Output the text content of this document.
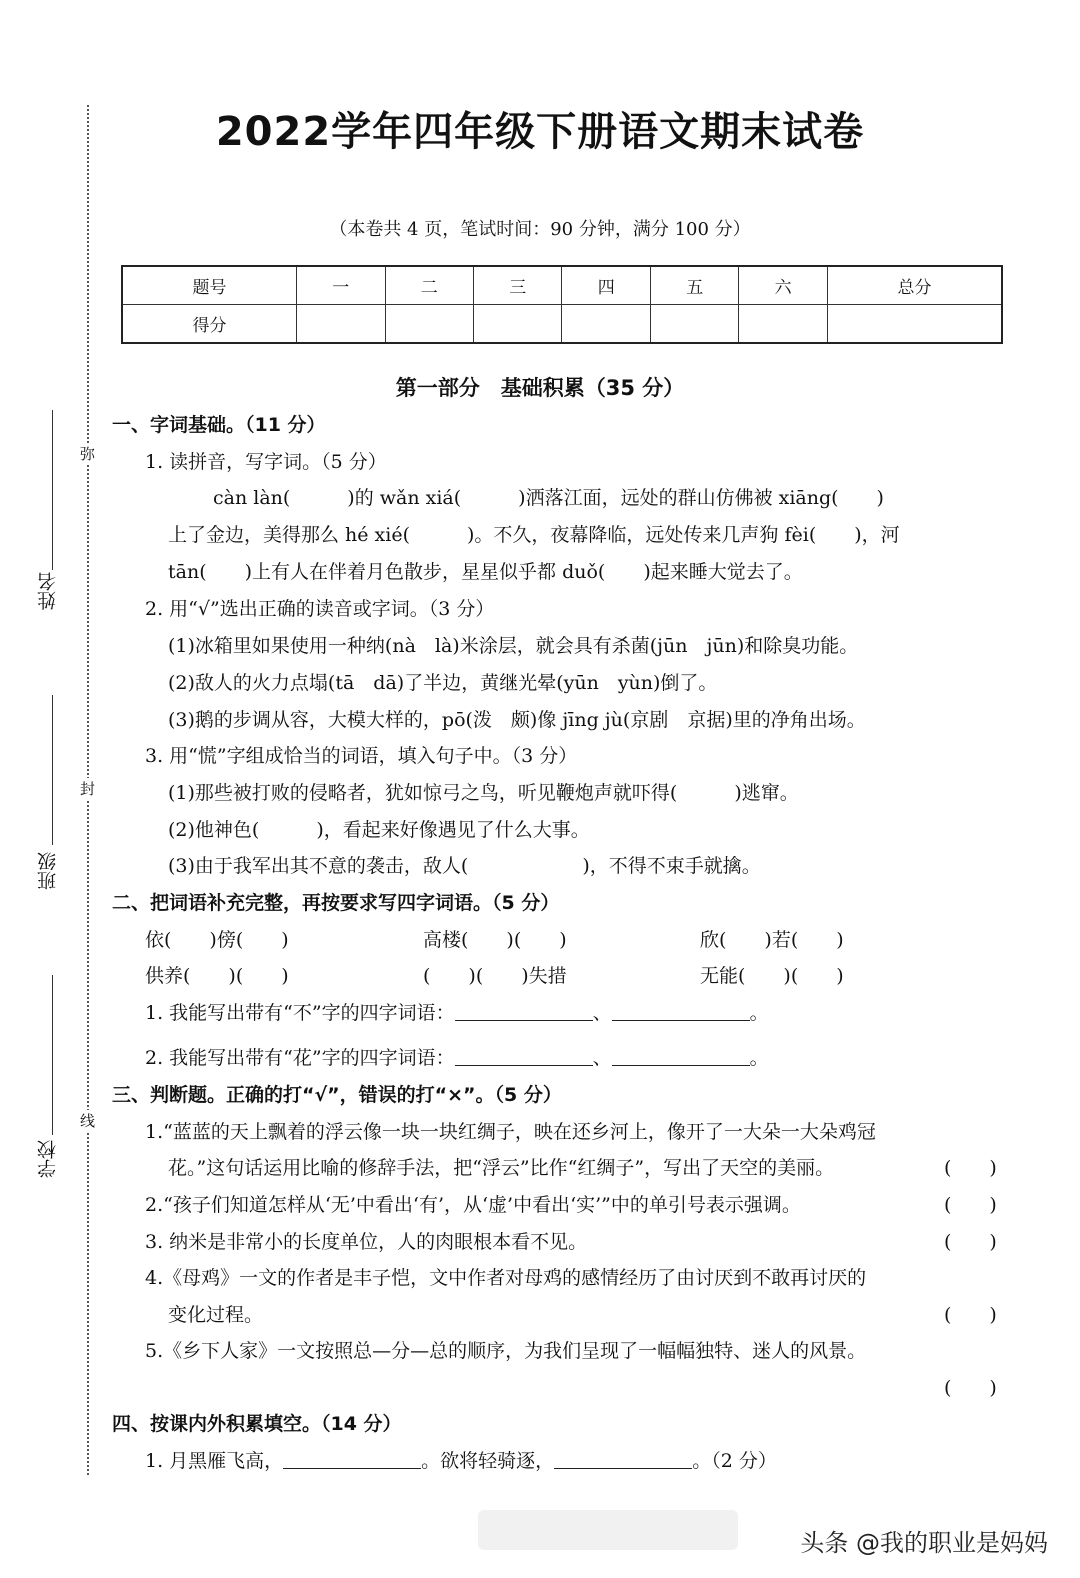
弥
封
线
姓名
班级
学校
2022学年四年级下册语文期末试卷
（本卷共 4 页，笔试时间：90 分钟，满分 100 分）
题号	一	二	三	四	五	六	总分
得分							
第一部分　基础积累（35 分）
一、字词基础。（11 分）
1. 读拼音，写字词。（5 分）
càn làn(　　　)的 wǎn xiá(　　　)洒落江面，远处的群山仿佛被 xiāng(　　)
上了金边，美得那么 hé xié(　　　)。不久，夜幕降临，远处传来几声狗 fèi(　　)，河
tān(　　)上有人在伴着月色散步，星星似乎都 duǒ(　　)起来睡大觉去了。
2. 用“√”选出正确的读音或字词。（3 分）
(1)冰箱里如果使用一种纳(nà　là)米涂层，就会具有杀菌(jūn　jūn)和除臭功能。
(2)敌人的火力点塌(tā　dā)了半边，黄继光晕(yūn　yùn)倒了。
(3)鹅的步调从容，大模大样的，pō(泼　颇)像 jīng jù(京剧　京据)里的净角出场。
3. 用“慌”字组成恰当的词语，填入句子中。（3 分）
(1)那些被打败的侵略者，犹如惊弓之鸟，听见鞭炮声就吓得(　　　)逃窜。
(2)他神色(　　　)，看起来好像遇见了什么大事。
(3)由于我军出其不意的袭击，敌人(　　　　　　)，不得不束手就擒。
二、把词语补充完整，再按要求写四字词语。（5 分）
依(　　)傍(　　)	高楼(　　)(　　)	欣(　　)若(　　)
供养(　　)(　　)	(　　)(　　)失措	无能(　　)(　　)
1. 我能写出带有“不”字的四字词语：	、	。
2. 我能写出带有“花”字的四字词语：	、	。
三、判断题。正确的打“√”，错误的打“×”。（5 分）
1.“蓝蓝的天上飘着的浮云像一块一块红绸子，映在还乡河上，像开了一大朵一大朵鸡冠
花。”这句话运用比喻的修辞手法，把“浮云”比作“红绸子”，写出了天空的美丽。	(　　)
2.“孩子们知道怎样从‘无’中看出‘有’，从‘虚’中看出‘实’”中的单引号表示强调。	(　　)
3. 纳米是非常小的长度单位，人的肉眼根本看不见。	(　　)
4.《母鸡》一文的作者是丰子恺，文中作者对母鸡的感情经历了由讨厌到不敢再讨厌的
变化过程。	(　　)
5.《乡下人家》一文按照总—分—总的顺序，为我们呈现了一幅幅独特、迷人的风景。
(　　)
四、按课内外积累填空。（14 分）
1. 月黑雁飞高，	。欲将轻骑逐，	。（2 分）
头条 @我的职业是妈妈
